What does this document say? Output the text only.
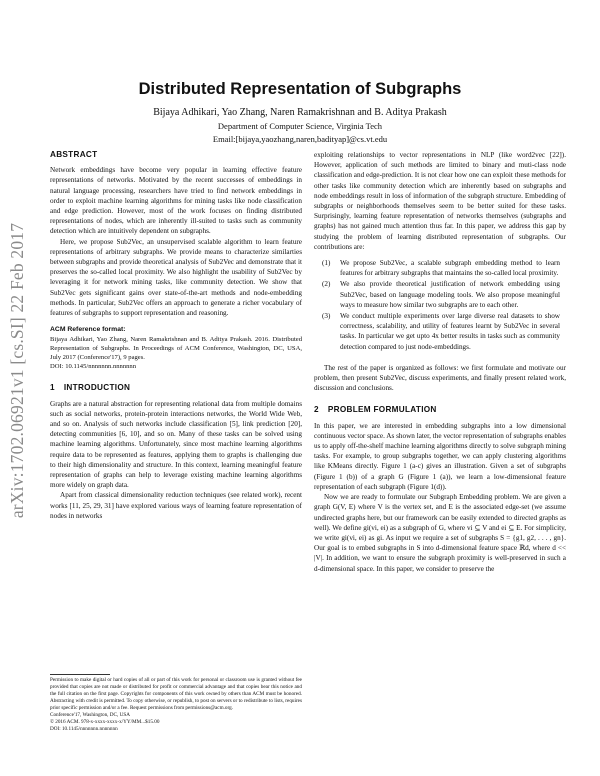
arXiv:1702.06921v1 [cs.SI] 22 Feb 2017
Distributed Representation of Subgraphs

Bijaya Adhikari, Yao Zhang, Naren Ramakrishnan and B. Aditya Prakash

Department of Computer Science, Virginia Tech

Email:[bijaya,yaozhang,naren,badityap]@cs.vt.edu

ABSTRACT

Network embeddings have become very popular in learning effective feature representations of networks. Motivated by the recent successes of embeddings in natural language processing, researchers have tried to find network embeddings in order to exploit machine learning algorithms for mining tasks like node classification and edge prediction. However, most of the work focuses on finding distributed representations of nodes, which are inherently ill-suited to tasks such as community detection which are intuitively dependent on subgraphs.

Here, we propose Sub2Vec, an unsupervised scalable algorithm to learn feature representations of arbitrary subgraphs. We provide means to characterize similarties between subgraphs and provide theoretical analysis of Sub2Vec and demonstrate that it preserves the so-called local proximity. We also highlight the usability of Sub2Vec by leveraging it for network mining tasks, like community detection. We show that Sub2Vec gets significant gains over state-of-the-art methods and node-embedding methods. In particular, Sub2Vec offers an approach to generate a richer vocabulary of features of subgraphs to support representation and reasoning.

ACM Reference format:

Bijaya Adhikari, Yao Zhang, Naren Ramakrishnan and B. Aditya Prakash. 2016. Distributed Representation of Subgraphs. In Proceedings of ACM Conference, Washington, DC, USA, July 2017 (Conference'17), 9 pages.

DOI: 10.1145/nnnnnnn.nnnnnnn

1 INTRODUCTION

Graphs are a natural abstraction for representing relational data from multiple domains such as social networks, protein-protein interactions networks, the World Wide Web, and so on. Analysis of such networks include classification [5], link prediction [20], detecting communities [6, 10], and so on. Many of these tasks can be solved using machine learning algorithms. Unfortunately, since most machine learning algorithms require data to be represented as features, applying them to graphs is challenging due to their high dimensionality and structure. In this context, learning meaningful feature representation of graphs can help to leverage existing machine learning algorithms more widely on graph data.

Apart from classical dimensionality reduction techniques (see related work), recent works [11, 25, 29, 31] have explored various ways of learning feature representation of nodes in networks

Permission to make digital or hard copies of all or part of this work for personal or classroom use is granted without fee provided that copies are not made or distributed for profit or commercial advantage and that copies bear this notice and the full citation on the first page. Copyrights for components of this work owned by others than ACM must be honored. Abstracting with credit is permitted. To copy otherwise, or republish, to post on servers or to redistribute to lists, requires prior specific permission and/or a fee. Request permissions from permissions@acm.org.

Conference'17, Washington, DC, USA

© 2016 ACM. 978-x-xxxx-xxxx-x/YY/MM...$15.00

DOI: 10.1145/nnnnnnn.nnnnnnn

exploiting relationships to vector representations in NLP (like word2vec [22]). However, application of such methods are limited to binary and muti-class node classification and edge-prediction. It is not clear how one can exploit these methods for other tasks like community detection which are inherently based on subgraphs and node embeddings result in loss of information of the subgraph structure. Embedding of subgraphs or neighborhoods themselves seem to be better suited for these tasks. Surprisingly, learning feature representation of networks themselves (subgraphs and graphs) has not gained much attention thus far. In this paper, we address this gap by studying the problem of learning distributed representation of subgraphs. Our contributions are:

(1)	We propose Sub2Vec, a scalable subgraph embedding method to learn features for arbitrary subgraphs that maintains the so-called local proximity.
(2)	We also provide theoretical justification of network embedding using Sub2Vec, based on language modeling tools. We also propose meaningful ways to measure how similar two subgraphs are to each other.
(3)	We conduct multiple experiments over large diverse real datasets to show correctness, scalability, and utility of features learnt by Sub2Vec in several tasks. In particular we get upto 4x better results in tasks such as community detection compared to just node-embeddings.

The rest of the paper is organized as follows: we first formulate and motivate our problem, then present Sub2Vec, discuss experiments, and finally present related work, discussion and conclusions.

2 PROBLEM FORMULATION

In this paper, we are interested in embedding subgraphs into a low dimensional continuous vector space. As shown later, the vector representation of subgraphs enables us to apply off-the-shelf machine learning algorithms directly to solve subgraph mining tasks. For example, to group subgraphs together, we can apply clustering algorithms like KMeans directly. Figure 1 (a-c) gives an illustration. Given a set of subgraphs (Figure 1 (b)) of a graph G (Figure 1 (a)), we learn a low-dimensional feature representation of each subgraph (Figure 1(d)).

Now we are ready to formulate our Subgraph Embedding problem. We are given a graph G(V, E) where V is the vertex set, and E is the associated edge-set (we assume undirected graphs here, but our framework can be easily extended to directed graphs as well). We define gi(vi, ei) as a subgraph of G, where vi ⊆ V and ei ⊆ E. For simplicity, we write gi(vi, ei) as gi. As input we require a set of subgraphs S = {g1, g2, . . . , gn}. Our goal is to embed subgraphs in S into d-dimensional feature space ℝd, where d << |V|. In addition, we want to ensure the subgraph proximity is well-preserved in such a d-dimensional space. In this paper, we consider to preserve the
